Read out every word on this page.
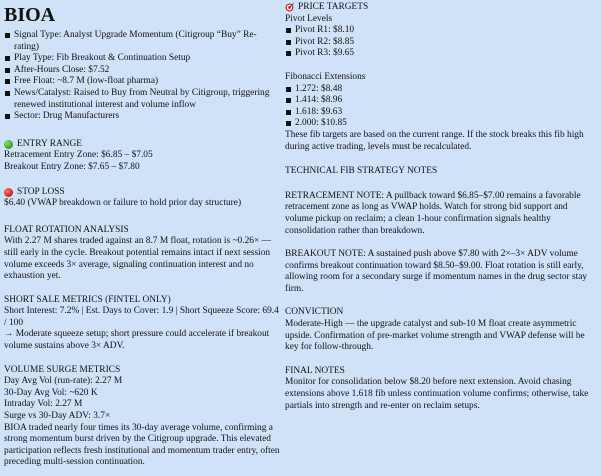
BIOA
Signal Type: Analyst Upgrade Momentum (Citigroup “Buy” Re-rating)
Play Type: Fib Breakout & Continuation Setup
After-Hours Close: $7.52
Free Float: ~8.7 M (low-float pharma)
News/Catalyst: Raised to Buy from Neutral by Citigroup, triggering renewed institutional interest and volume inflow
Sector: Drug Manufacturers
ENTRY RANGE
Retracement Entry Zone: $6.85 – $7.05
Breakout Entry Zone: $7.65 – $7.80
STOP LOSS
$6.40 (VWAP breakdown or failure to hold prior day structure)
FLOAT ROTATION ANALYSIS
With 2.27 M shares traded against an 8.7 M float, rotation is ~0.26× — still early in the cycle. Breakout potential remains intact if next session volume exceeds 3× average, signaling continuation interest and no exhaustion yet.
SHORT SALE METRICS (FINTEL ONLY)
Short Interest: 7.2% | Est. Days to Cover: 1.9 | Short Squeeze Score: 69.4 / 100
→ Moderate squeeze setup; short pressure could accelerate if breakout volume sustains above 3× ADV.
VOLUME SURGE METRICS
Day Avg Vol (run-rate): 2.27 M
30-Day Avg Vol: ~620 K
Intraday Vol: 2.27 M
Surge vs 30-Day ADV: 3.7×
BIOA traded nearly four times its 30-day average volume, confirming a strong momentum burst driven by the Citigroup upgrade. This elevated participation reflects fresh institutional and momentum trader entry, often preceding multi-session continuation.
PRICE TARGETS
Pivot Levels
Pivot R1: $8.10
Pivot R2: $8.85
Pivot R3: $9.65
Fibonacci Extensions
1.272: $8.48
1.414: $8.96
1.618: $9.63
2.000: $10.85
These fib targets are based on the current range. If the stock breaks this fib high during active trading, levels must be recalculated.
TECHNICAL FIB STRATEGY NOTES
RETRACEMENT NOTE: A pullback toward $6.85–$7.00 remains a favorable retracement zone as long as VWAP holds. Watch for strong bid support and volume pickup on reclaim; a clean 1-hour confirmation signals healthy consolidation rather than breakdown.
BREAKOUT NOTE: A sustained push above $7.80 with 2×–3× ADV volume confirms breakout continuation toward $8.50–$9.00. Float rotation is still early, allowing room for a secondary surge if momentum names in the drug sector stay firm.
CONVICTION
Moderate-High — the upgrade catalyst and sub-10 M float create asymmetric upside. Confirmation of pre-market volume strength and VWAP defense will be key for follow-through.
FINAL NOTES
Monitor for consolidation below $8.20 before next extension. Avoid chasing extensions above 1.618 fib unless continuation volume confirms; otherwise, take partials into strength and re-enter on reclaim setups.
